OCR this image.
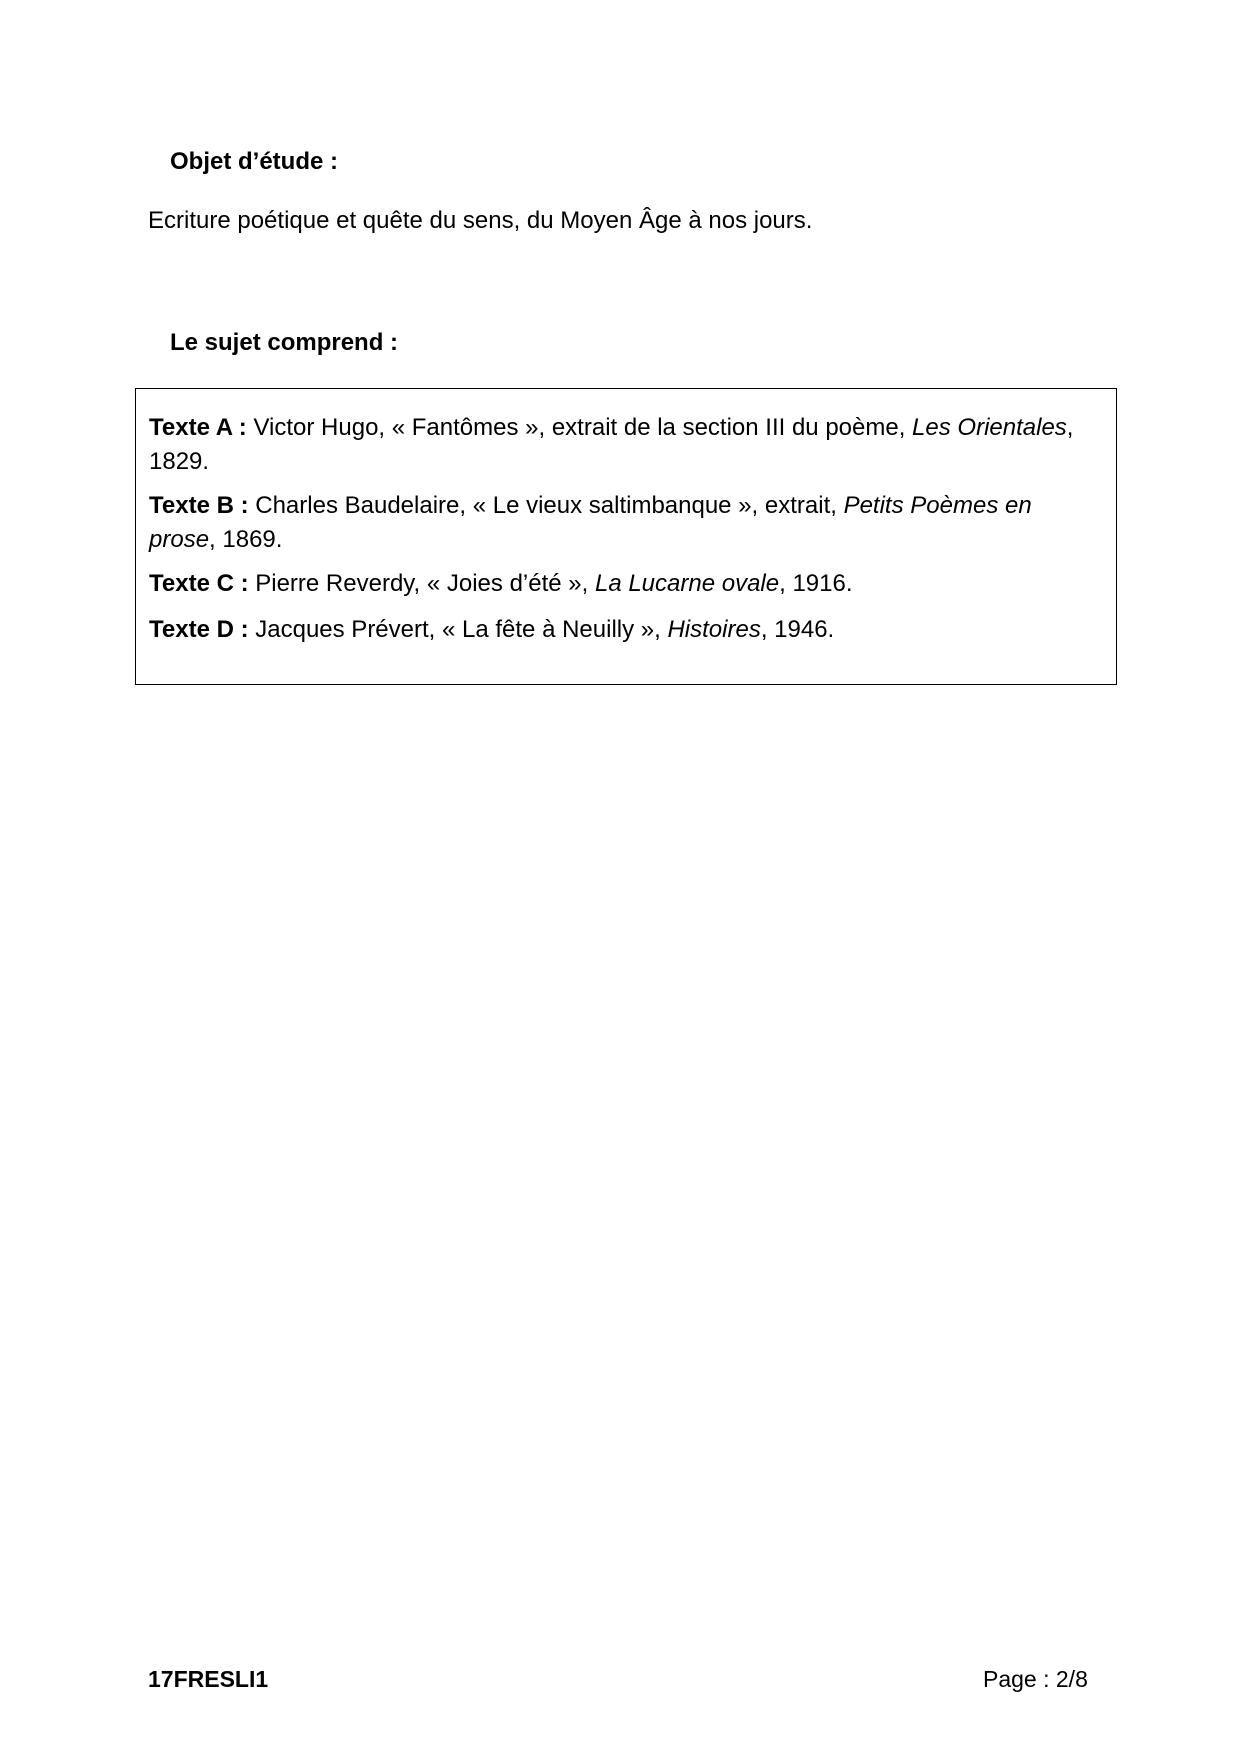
Objet d’étude :
Ecriture poétique et quête du sens, du Moyen Âge à nos jours.
Le sujet comprend :
Texte A : Victor Hugo, « Fantômes », extrait de la section III du poème, Les Orientales, 1829.
Texte B : Charles Baudelaire, « Le vieux saltimbanque », extrait, Petits Poèmes en prose, 1869.
Texte C : Pierre Reverdy, « Joies d’été », La Lucarne ovale, 1916.
Texte D : Jacques Prévert, « La fête à Neuilly », Histoires, 1946.
17FRESLI1	Page : 2/8
